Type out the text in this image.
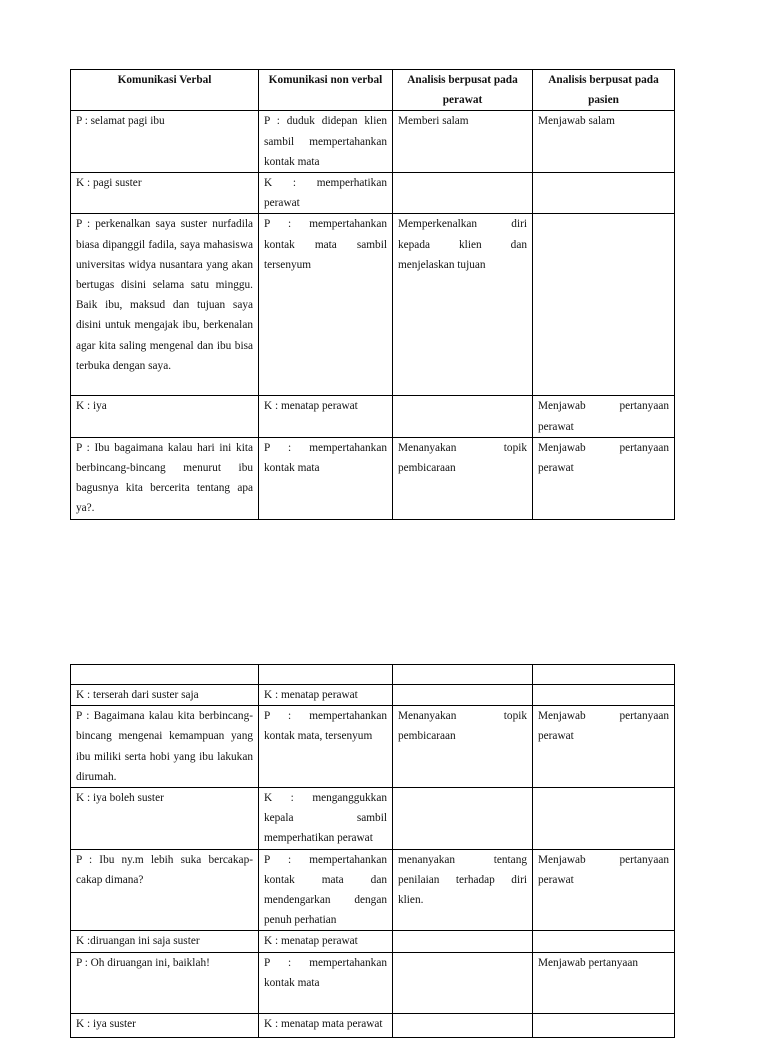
Komunikasi Verbal	Komunikasi non verbal	Analisis berpusat pada perawat	Analisis berpusat pada pasien
P : selamat pagi ibu	P : duduk didepan klien sambil mempertahankan kontak mata	Memberi salam	Menjawab salam
K : pagi suster	K : memperhatikan perawat		
P : perkenalkan saya suster nurfadila biasa dipanggil fadila, saya mahasiswa universitas widya nusantara yang akan bertugas disini selama satu minggu. Baik ibu, maksud dan tujuan saya disini untuk mengajak ibu, berkenalan agar kita saling mengenal dan ibu bisa terbuka dengan saya.	P : mempertahankan kontak mata sambil tersenyum	Memperkenalkan diri kepada klien dan menjelaskan tujuan	
K : iya	K : menatap perawat		Menjawab pertanyaan perawat
P : Ibu bagaimana kalau hari ini kita berbincang-bincang menurut ibu bagusnya kita bercerita tentang apa ya?.	P : mempertahankan kontak mata	Menanyakan topik pembicaraan	Menjawab pertanyaan perawat

K : terserah dari suster saja	K : menatap perawat		
P : Bagaimana kalau kita berbincang-bincang mengenai kemampuan yang ibu miliki serta hobi yang ibu lakukan dirumah.	P : mempertahankan kontak mata, tersenyum	Menanyakan topik pembicaraan	Menjawab pertanyaan perawat
K : iya boleh suster	K : menganggukkan kepala sambil memperhatikan perawat		
P : Ibu ny.m lebih suka bercakap-cakap dimana?	P : mempertahankan kontak mata dan mendengarkan dengan penuh perhatian	menanyakan tentang penilaian terhadap diri klien.	Menjawab pertanyaan perawat
K :diruangan ini saja suster	K : menatap perawat		
P : Oh diruangan ini, baiklah!	P : mempertahankan kontak mata		Menjawab pertanyaan
K : iya suster	K : menatap mata perawat		
